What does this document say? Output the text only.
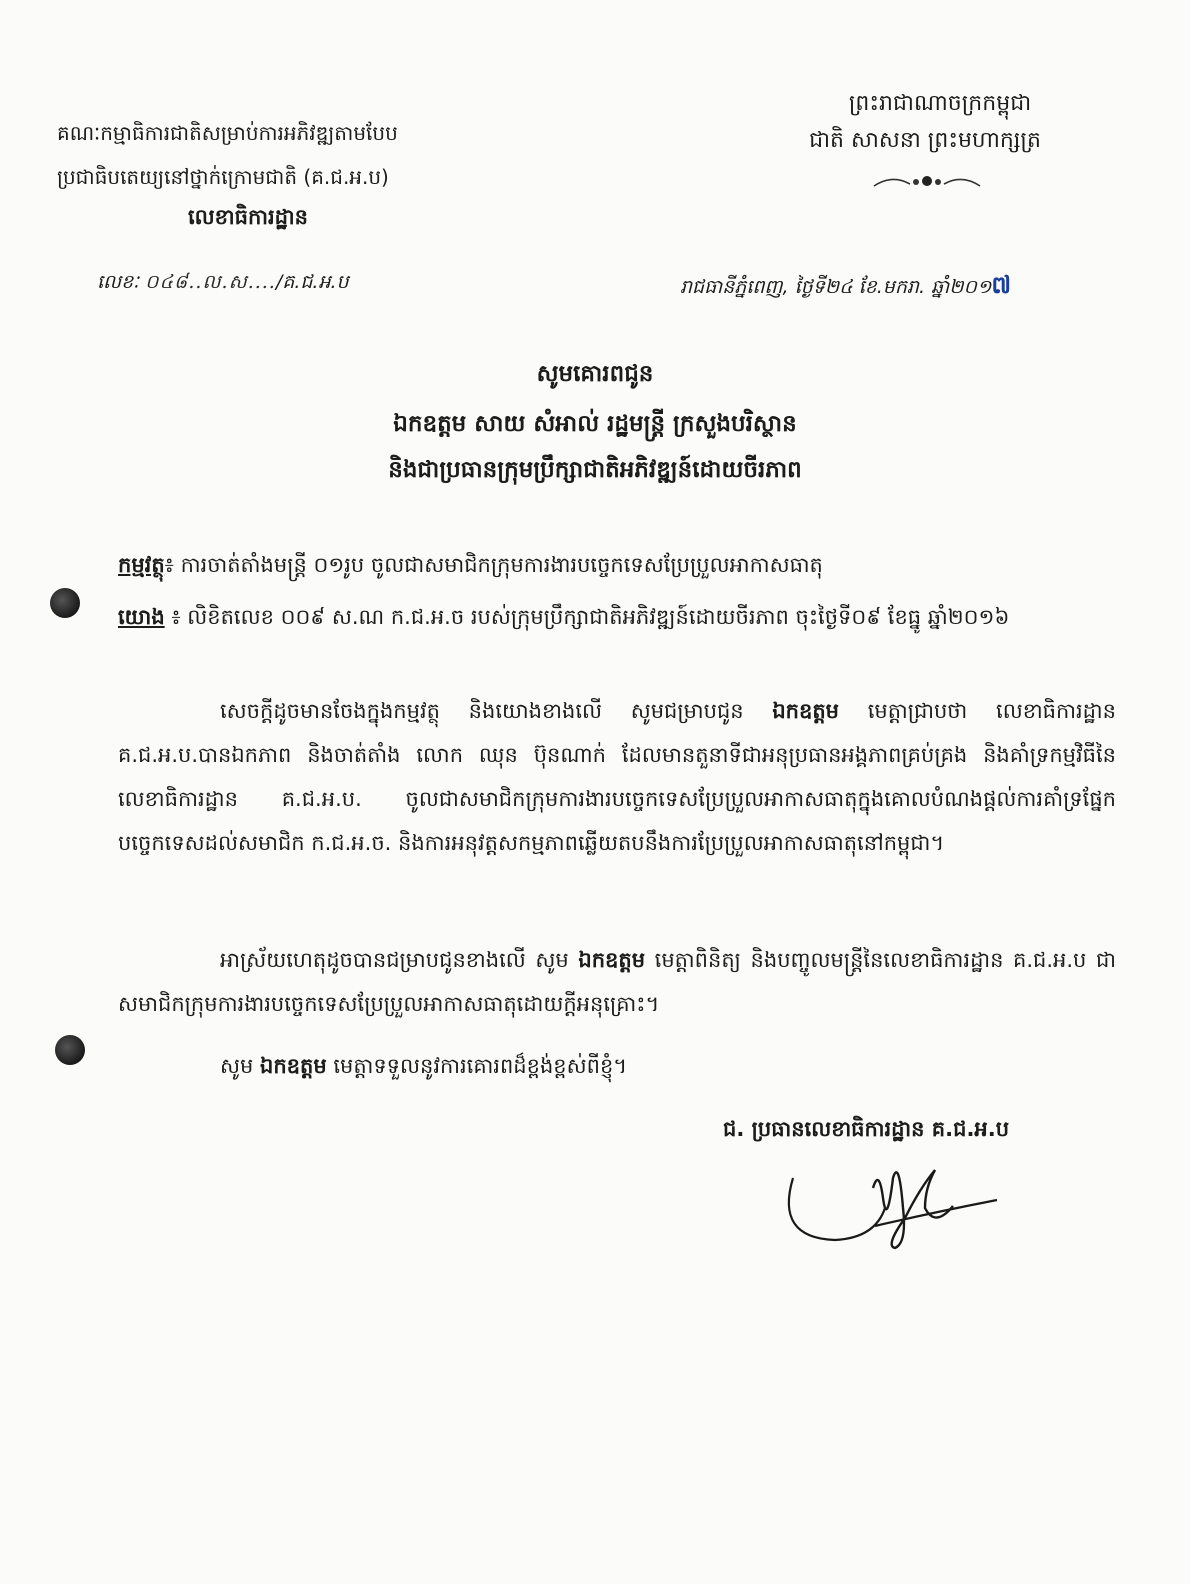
ព្រះរាជាណាចក្រកម្ពុជា
ជាតិ សាសនា ព្រះមហាក្សត្រ
គណៈកម្មាធិការជាតិសម្រាប់ការអភិវឌ្ឍតាមបែប
ប្រជាធិបតេយ្យនៅថ្នាក់ក្រោមជាតិ (គ.ជ.អ.ប)
លេខាធិការដ្ឋាន
លេខៈ ០៤៨..ល.ស..../គ.ជ.អ.ប	រាជធានីភ្នំពេញ, ថ្ងៃទី២៤ ខែ.មករា. ឆ្នាំ២០១៧
សូមគោរពជូន
ឯកឧត្តម សាយ សំអាល់ រដ្ឋមន្ត្រី ក្រសួងបរិស្ថាន
និងជាប្រធានក្រុមប្រឹក្សាជាតិអភិវឌ្ឍន៍ដោយចីរភាព
កម្មវត្ថុ៖ ការចាត់តាំងមន្ត្រី ០១រូប ចូលជាសមាជិកក្រុមការងារបច្ចេកទេសប្រែប្រួលអាកាសធាតុ
យោង ៖ លិខិតលេខ ០០៩ ស.ណ ក.ជ.អ.ច របស់ក្រុមប្រឹក្សាជាតិអភិវឌ្ឍន៍ដោយចីរភាព ចុះថ្ងៃទី០៩ ខែធ្នូ ឆ្នាំ២០១៦
សេចក្តីដូចមានចែងក្នុងកម្មវត្ថុ និងយោងខាងលើ សូមជម្រាបជូន ឯកឧត្តម មេត្តាជ្រាបថា លេខាធិការដ្ឋាន គ.ជ.អ.ប.បានឯកភាព និងចាត់តាំង លោក ឈុន ប៊ុនណាក់ ដែលមានតួនាទីជាអនុប្រធានអង្គភាពគ្រប់គ្រង និងគាំទ្រកម្មវិធីនៃលេខាធិការដ្ឋាន គ.ជ.អ.ប. ចូលជាសមាជិកក្រុមការងារបច្ចេកទេសប្រែប្រួលអាកាសធាតុក្នុងគោលបំណងផ្តល់ការគាំទ្រផ្នែកបច្ចេកទេសដល់សមាជិក ក.ជ.អ.ច. និងការអនុវត្តសកម្មភាពឆ្លើយតបនឹងការប្រែប្រួលអាកាសធាតុនៅកម្ពុជា។
អាស្រ័យហេតុដូចបានជម្រាបជូនខាងលើ សូម ឯកឧត្តម មេត្តាពិនិត្យ និងបញ្ចូលមន្ត្រីនៃលេខាធិការដ្ឋាន គ.ជ.អ.ប ជាសមាជិកក្រុមការងារបច្ចេកទេសប្រែប្រួលអាកាសធាតុដោយក្តីអនុគ្រោះ។
សូម ឯកឧត្តម មេត្តាទទួលនូវការគោរពដ៏ខ្ពង់ខ្ពស់ពីខ្ញុំ។
ជ. ប្រធានលេខាធិការដ្ឋាន គ.ជ.អ.ប
